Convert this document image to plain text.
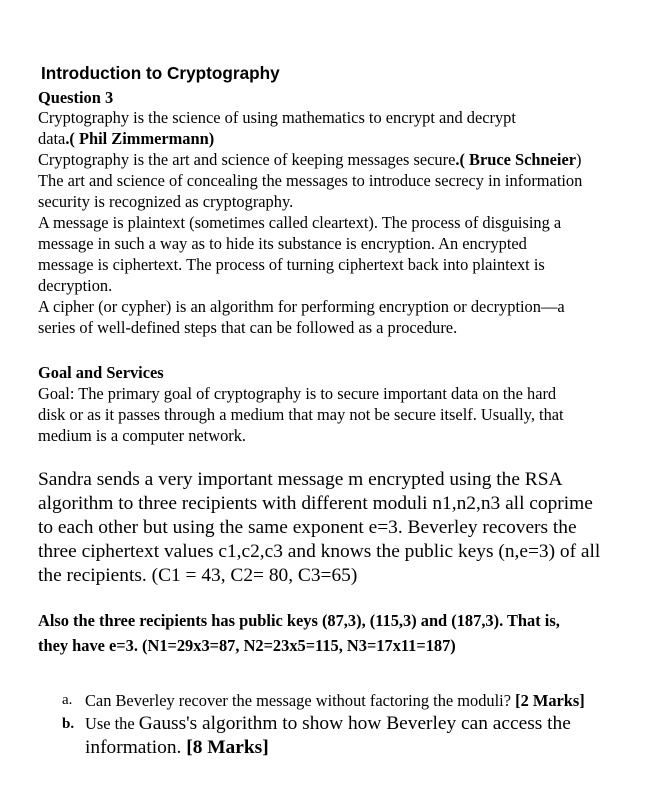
Introduction to Cryptography

Question 3

Cryptography is the science of using mathematics to encrypt and decrypt

data.( Phil Zimmermann)

Cryptography is the art and science of keeping messages secure.( Bruce Schneier)

The art and science of concealing the messages to introduce secrecy in information

security is recognized as cryptography.

A message is plaintext (sometimes called cleartext). The process of disguising a

message in such a way as to hide its substance is encryption. An encrypted

message is ciphertext. The process of turning ciphertext back into plaintext is

decryption.

A cipher (or cypher) is an algorithm for performing encryption or decryption—a

series of well-defined steps that can be followed as a procedure.

Goal and Services

Goal: The primary goal of cryptography is to secure important data on the hard

disk or as it passes through a medium that may not be secure itself. Usually, that

medium is a computer network.

Sandra sends a very important message m encrypted using the RSA

algorithm to three recipients with different moduli n1,n2,n3 all coprime

to each other but using the same exponent e=3. Beverley recovers the

three ciphertext values c1,c2,c3 and knows the public keys (n,e=3) of all

the recipients. (C1 = 43, C2= 80, C3=65)

Also the three recipients has public keys (87,3), (115,3) and (187,3). That is,

they have e=3. (N1=29x3=87, N2=23x5=115, N3=17x11=187)

a. Can Beverley recover the message without factoring the moduli? [2 Marks]

b. Use the Gauss's algorithm to show how Beverley can access the

information. [8 Marks]
